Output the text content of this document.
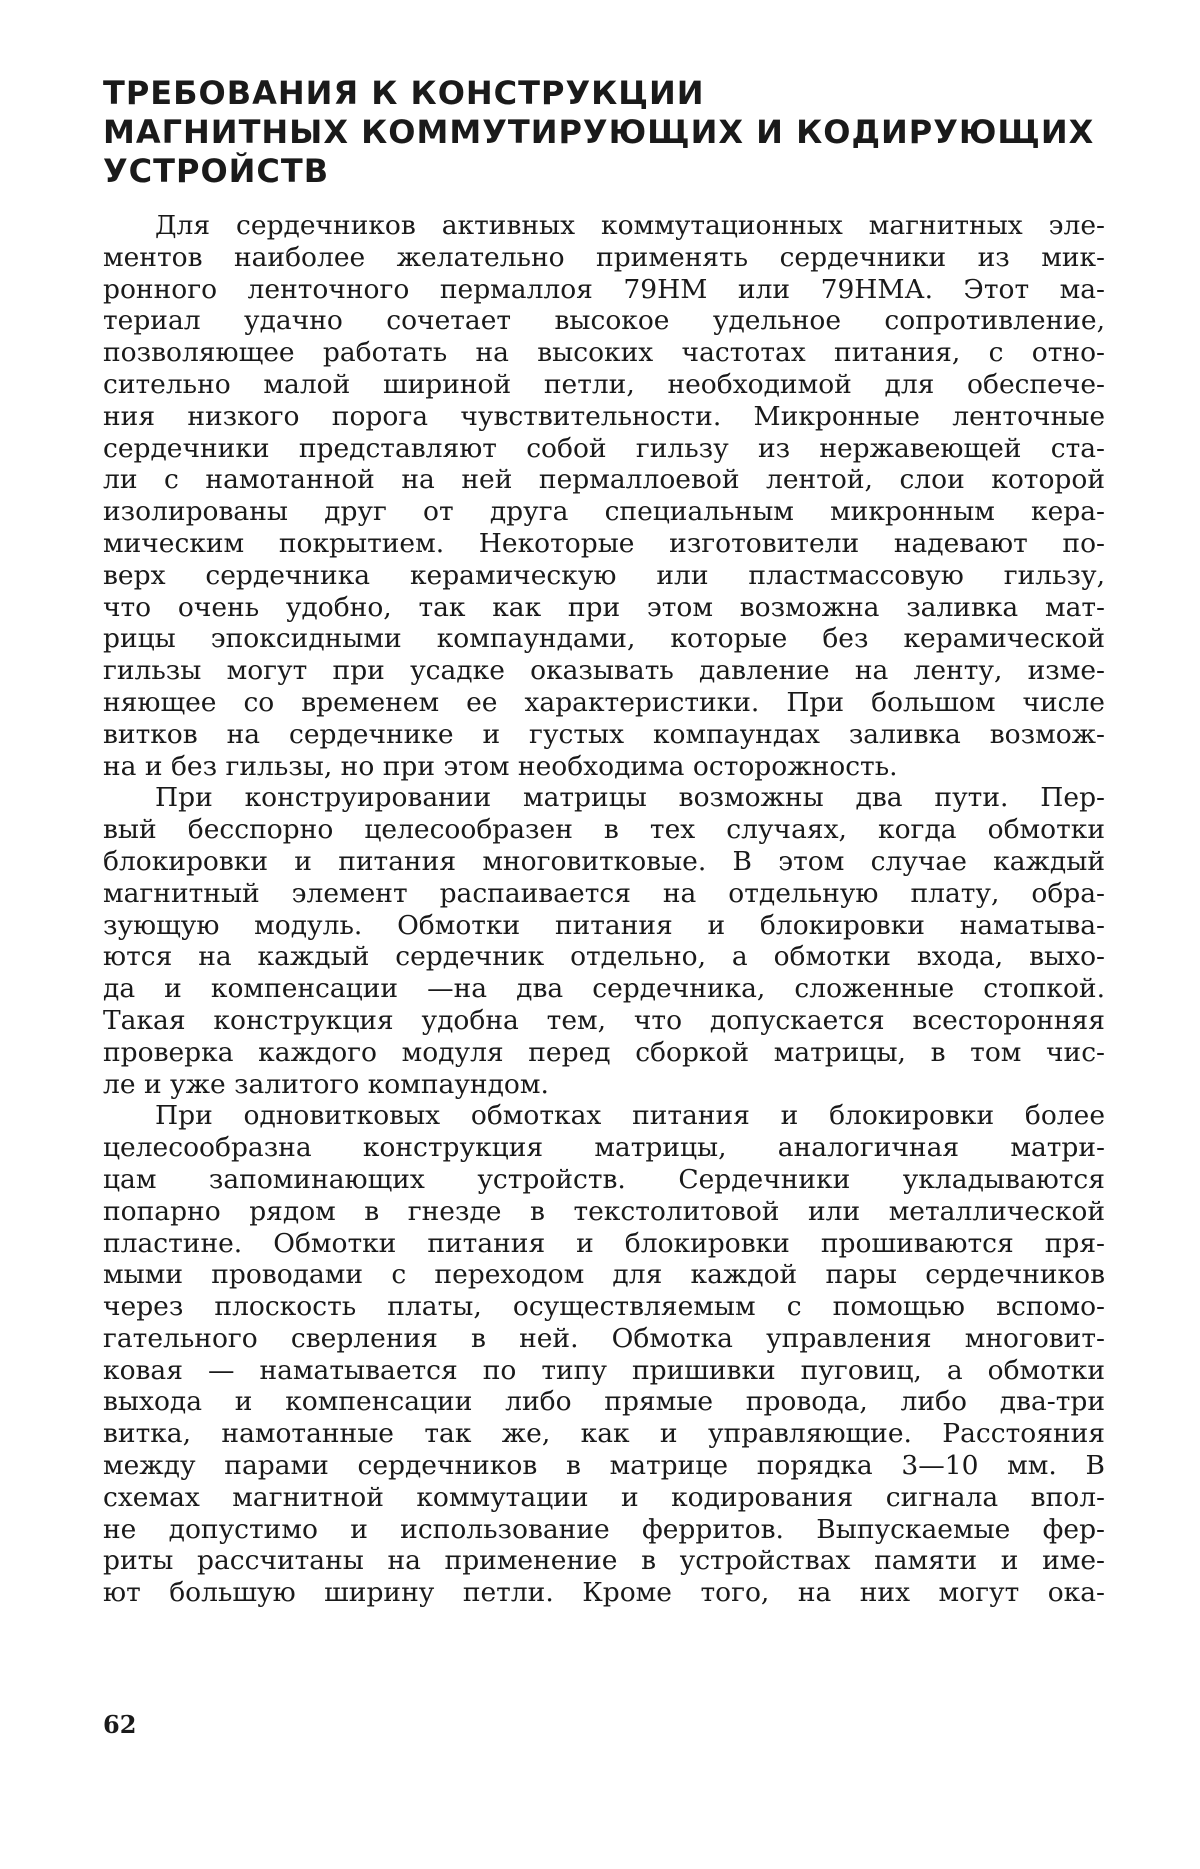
ТРЕБОВАНИЯ К КОНСТРУКЦИИ
МАГНИТНЫХ КОММУТИРУЮЩИХ И КОДИРУЮЩИХ
УСТРОЙСТВ

Для сердечников активных коммутационных магнитных эле-
ментов наиболее желательно применять сердечники из мик-
ронного ленточного пермаллоя 79НМ или 79НМА. Этот ма-
териал удачно сочетает высокое удельное сопротивление,
позволяющее работать на высоких частотах питания, с отно-
сительно малой шириной петли, необходимой для обеспече-
ния низкого порога чувствительности. Микронные ленточные
сердечники представляют собой гильзу из нержавеющей ста-
ли с намотанной на ней пермаллоевой лентой, слои которой
изолированы друг от друга специальным микронным кера-
мическим покрытием. Некоторые изготовители надевают по-
верх сердечника керамическую или пластмассовую гильзу,
что очень удобно, так как при этом возможна заливка мат-
рицы эпоксидными компаундами, которые без керамической
гильзы могут при усадке оказывать давление на ленту, изме-
няющее со временем ее характеристики. При большом числе
витков на сердечнике и густых компаундах заливка возмож-
на и без гильзы, но при этом необходима осторожность.

При конструировании матрицы возможны два пути. Пер-
вый бесспорно целесообразен в тех случаях, когда обмотки
блокировки и питания многовитковые. В этом случае каждый
магнитный элемент распаивается на отдельную плату, обра-
зующую модуль. Обмотки питания и блокировки наматыва-
ются на каждый сердечник отдельно, а обмотки входа, выхо-
да и компенсации —на два сердечника, сложенные стопкой.
Такая конструкция удобна тем, что допускается всесторонняя
проверка каждого модуля перед сборкой матрицы, в том чис-
ле и уже залитого компаундом.

При одновитковых обмотках питания и блокировки более
целесообразна конструкция матрицы, аналогичная матри-
цам запоминающих устройств. Сердечники укладываются
попарно рядом в гнезде в текстолитовой или металлической
пластине. Обмотки питания и блокировки прошиваются пря-
мыми проводами с переходом для каждой пары сердечников
через плоскость платы, осуществляемым с помощью вспомо-
гательного сверления в ней. Обмотка управления многовит-
ковая — наматывается по типу пришивки пуговиц, а обмотки
выхода и компенсации либо прямые провода, либо два-три
витка, намотанные так же, как и управляющие. Расстояния
между парами сердечников в матрице порядка 3—10 мм. В
схемах магнитной коммутации и кодирования сигнала впол-
не допустимо и использование ферритов. Выпускаемые фер-
риты рассчитаны на применение в устройствах памяти и име-
ют большую ширину петли. Кроме того, на них могут ока-

62
